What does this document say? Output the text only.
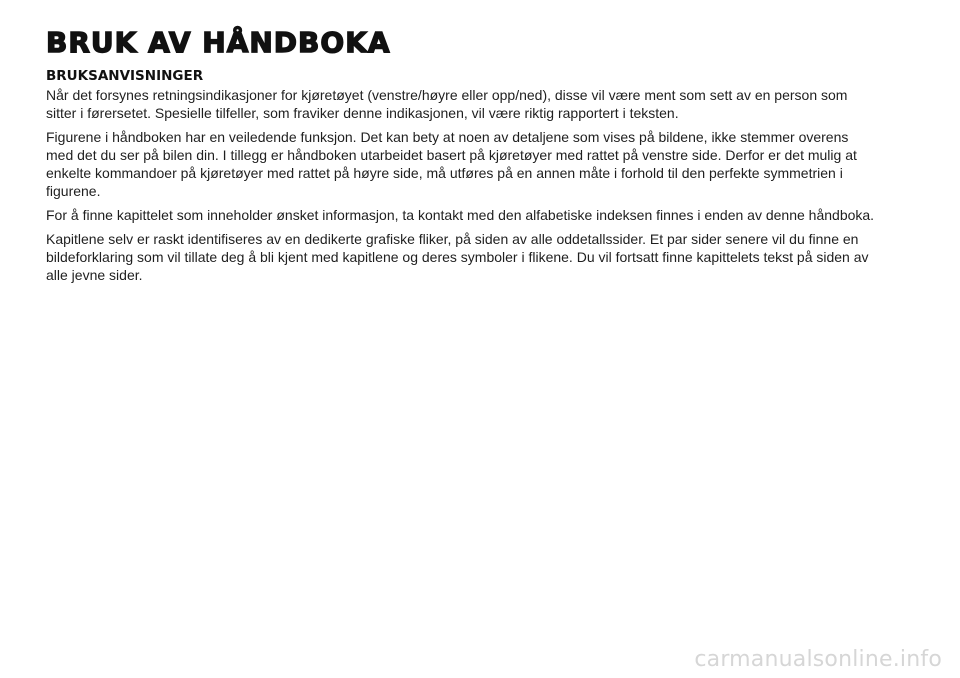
BRUK AV HÅNDBOKA
BRUKSANVISNINGER

Når det forsynes retningsindikasjoner for kjøretøyet (venstre/høyre eller opp/ned), disse vil være ment som sett av en person som sitter i førersetet. Spesielle tilfeller, som fraviker denne indikasjonen, vil være riktig rapportert i teksten.

Figurene i håndboken har en veiledende funksjon. Det kan bety at noen av detaljene som vises på bildene, ikke stemmer overens med det du ser på bilen din. I tillegg er håndboken utarbeidet basert på kjøretøyer med rattet på venstre side. Derfor er det mulig at enkelte kommandoer på kjøretøyer med rattet på høyre side, må utføres på en annen måte i forhold til den perfekte symmetrien i figurene.

For å finne kapittelet som inneholder ønsket informasjon, ta kontakt med den alfabetiske indeksen finnes i enden av denne håndboka.

Kapitlene selv er raskt identifiseres av en dedikerte grafiske fliker, på siden av alle oddetallssider. Et par sider senere vil du finne en bildeforklaring som vil tillate deg å bli kjent med kapitlene og deres symboler i flikene. Du vil fortsatt finne kapittelets tekst på siden av alle jevne sider.

carmanualsonline.info
